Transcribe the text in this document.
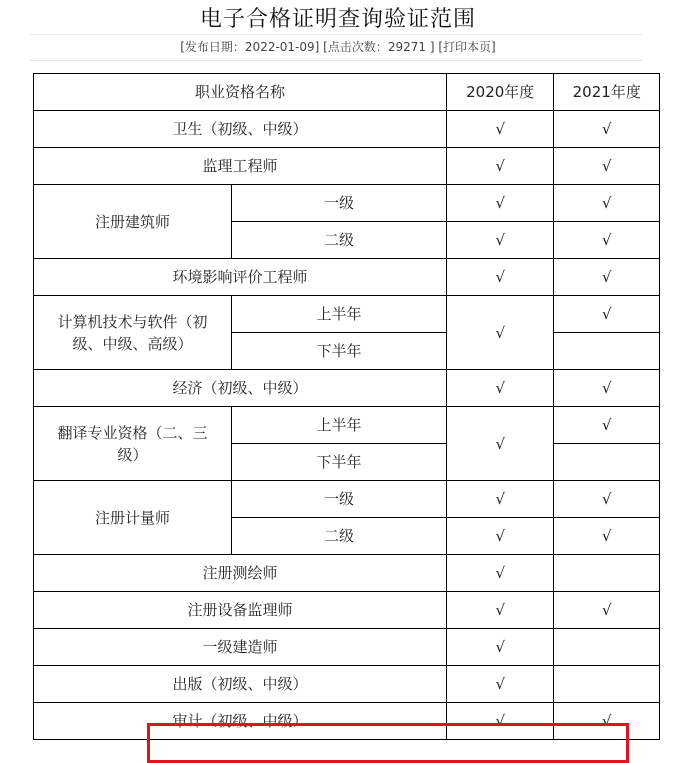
电子合格证明查询验证范围
[发布日期：2022-01-09] [点击次数：29271 ] [打印本页]
职业资格名称		2020年度	2021年度
卫生（初级、中级）		√	√
监理工程师		√	√
注册建筑师	一级	√	√
	二级	√	√
环境影响评价工程师		√	√
计算机技术与软件（初级、中级、高级）	上半年	√	√
	下半年		
经济（初级、中级）		√	√
翻译专业资格（二、三级）	上半年	√	√
	下半年		
注册计量师	一级	√	√
	二级	√	√
注册测绘师		√	
注册设备监理师		√	√
一级建造师		√	
出版（初级、中级）		√	
审计（初级、中级）		√	√
